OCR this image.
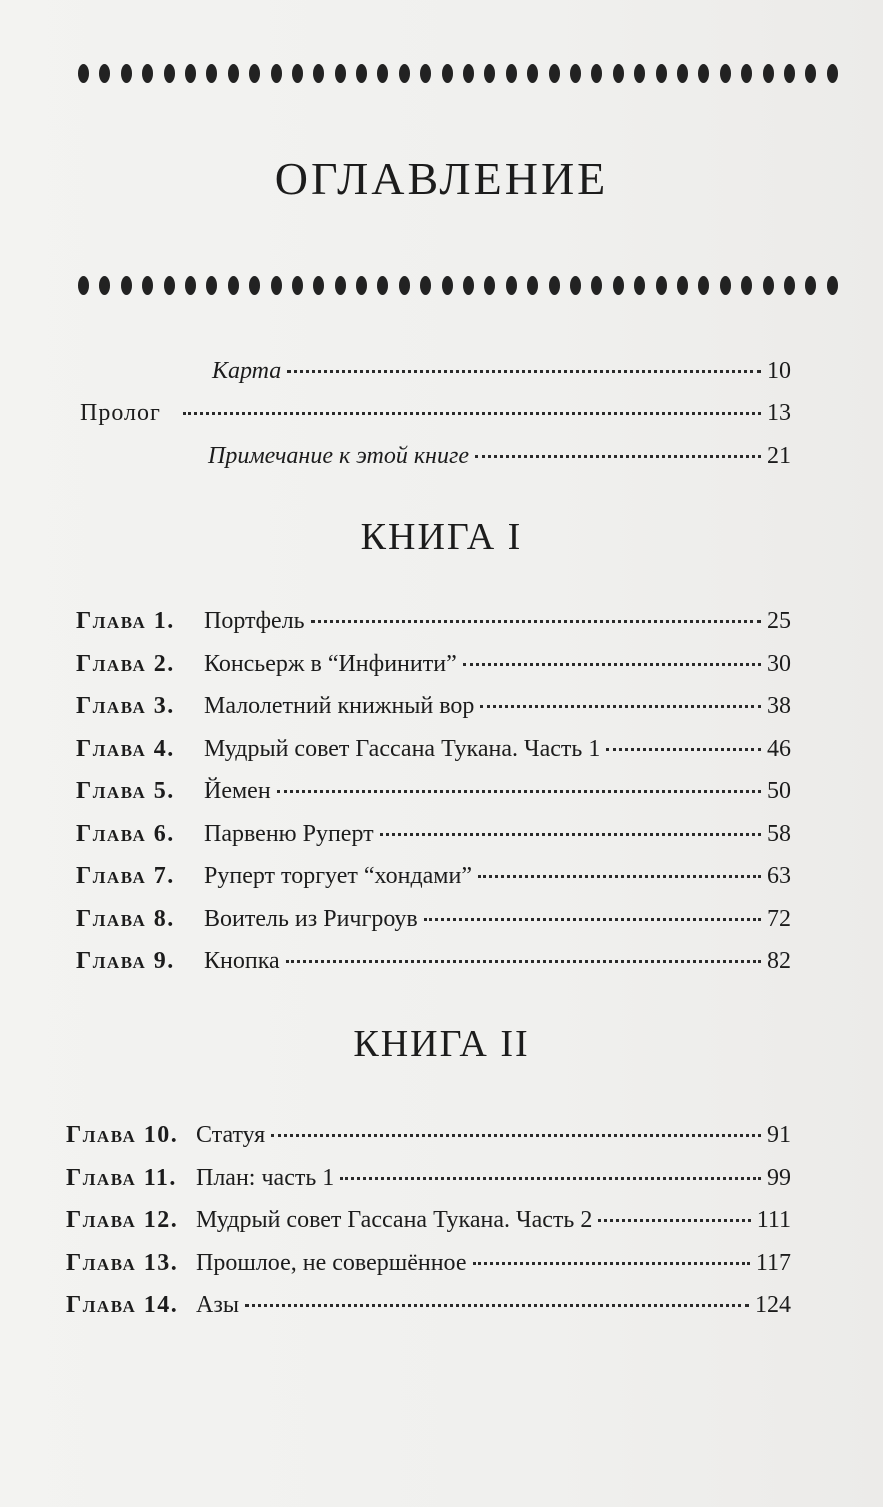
ОГЛАВЛЕНИЕ
Карта	10
Пролог	13
Примечание к этой книге	21
КНИГА I
Глава 1.	Портфель	25
Глава 2.	Консьерж в “Инфинити”	30
Глава 3.	Малолетний книжный вор	38
Глава 4.	Мудрый совет Гассана Тукана. Часть 1	46
Глава 5.	Йемен	50
Глава 6.	Парвеню Руперт	58
Глава 7.	Руперт торгует “хондами”	63
Глава 8.	Воитель из Ричгроув	72
Глава 9.	Кнопка	82
КНИГА II
Глава 10. Статуя	91
Глава 11. План: часть 1	99
Глава 12. Мудрый совет Гассана Тукана. Часть 2	111
Глава 13. Прошлое, не совершённое	117
Глава 14. Азы	124
